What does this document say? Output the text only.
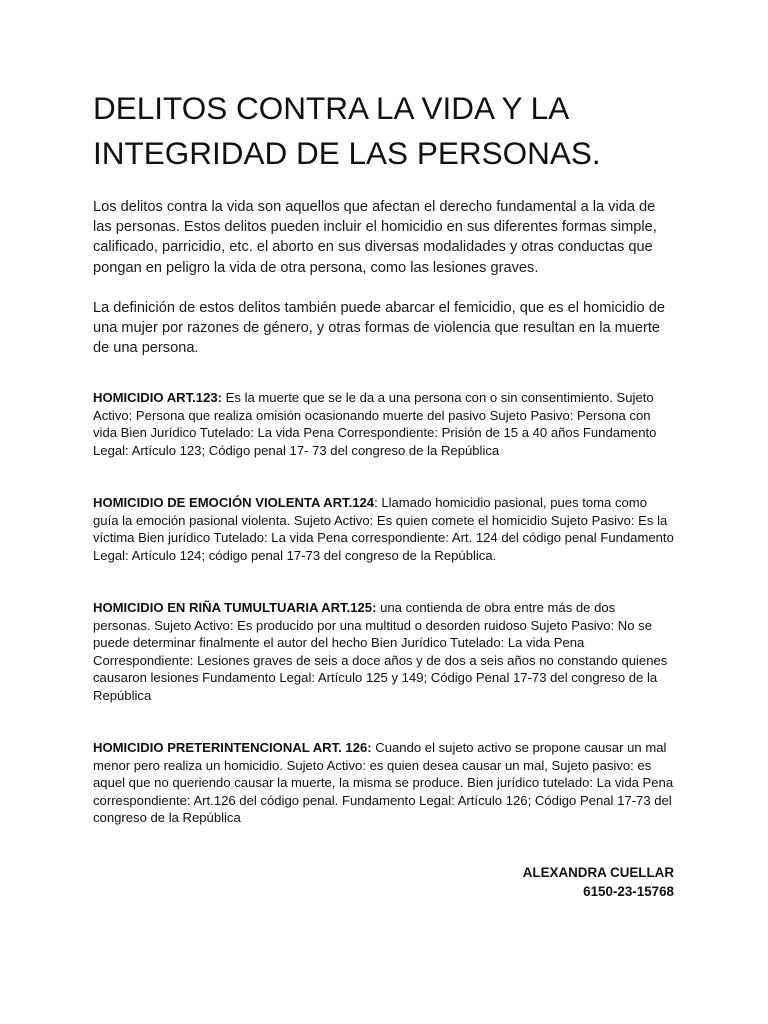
DELITOS CONTRA LA VIDA Y LA INTEGRIDAD DE LAS PERSONAS.

Los delitos contra la vida son aquellos que afectan el derecho fundamental a la vida de las personas. Estos delitos pueden incluir el homicidio en sus diferentes formas simple, calificado, parricidio, etc. el aborto en sus diversas modalidades y otras conductas que pongan en peligro la vida de otra persona, como las lesiones graves.

La definición de estos delitos también puede abarcar el femicidio, que es el homicidio de una mujer por razones de género, y otras formas de violencia que resultan en la muerte de una persona.

HOMICIDIO ART.123: Es la muerte que se le da a una persona con o sin consentimiento. Sujeto Activo: Persona que realiza omisión ocasionando muerte del pasivo Sujeto Pasivo: Persona con vida Bien Jurídico Tutelado: La vida Pena Correspondiente: Prisión de 15 a 40 años Fundamento Legal: Artículo 123; Código penal 17- 73 del congreso de la República

HOMICIDIO DE EMOCIÓN VIOLENTA ART.124: Llamado homicidio pasional, pues toma como guía la emoción pasional violenta. Sujeto Activo: Es quien comete el homicidio Sujeto Pasivo: Es la víctima Bien jurídico Tutelado: La vida Pena correspondiente: Art. 124 del código penal Fundamento Legal: Artículo 124; código penal 17-73 del congreso de la República.

HOMICIDIO EN RIÑA TUMULTUARIA ART.125: una contienda de obra entre más de dos personas. Sujeto Activo: Es producido por una multitud o desorden ruidoso Sujeto Pasivo: No se puede determinar finalmente el autor del hecho Bien Jurídico Tutelado: La vida Pena Correspondiente: Lesiones graves de seis a doce años y de dos a seis años no constando quienes causaron lesiones Fundamento Legal: Artículo 125 y 149; Código Penal 17-73 del congreso de la República

HOMICIDIO PRETERINTENCIONAL ART. 126: Cuando el sujeto activo se propone causar un mal menor pero realiza un homicidio. Sujeto Activo: es quien desea causar un mal, Sujeto pasivo: es aquel que no queriendo causar la muerte, la misma se produce. Bien jurídico tutelado: La vida Pena correspondiente: Art.126 del código penal. Fundamento Legal: Artículo 126; Código Penal 17-73 del congreso de la República

ALEXANDRA CUELLAR
6150-23-15768
